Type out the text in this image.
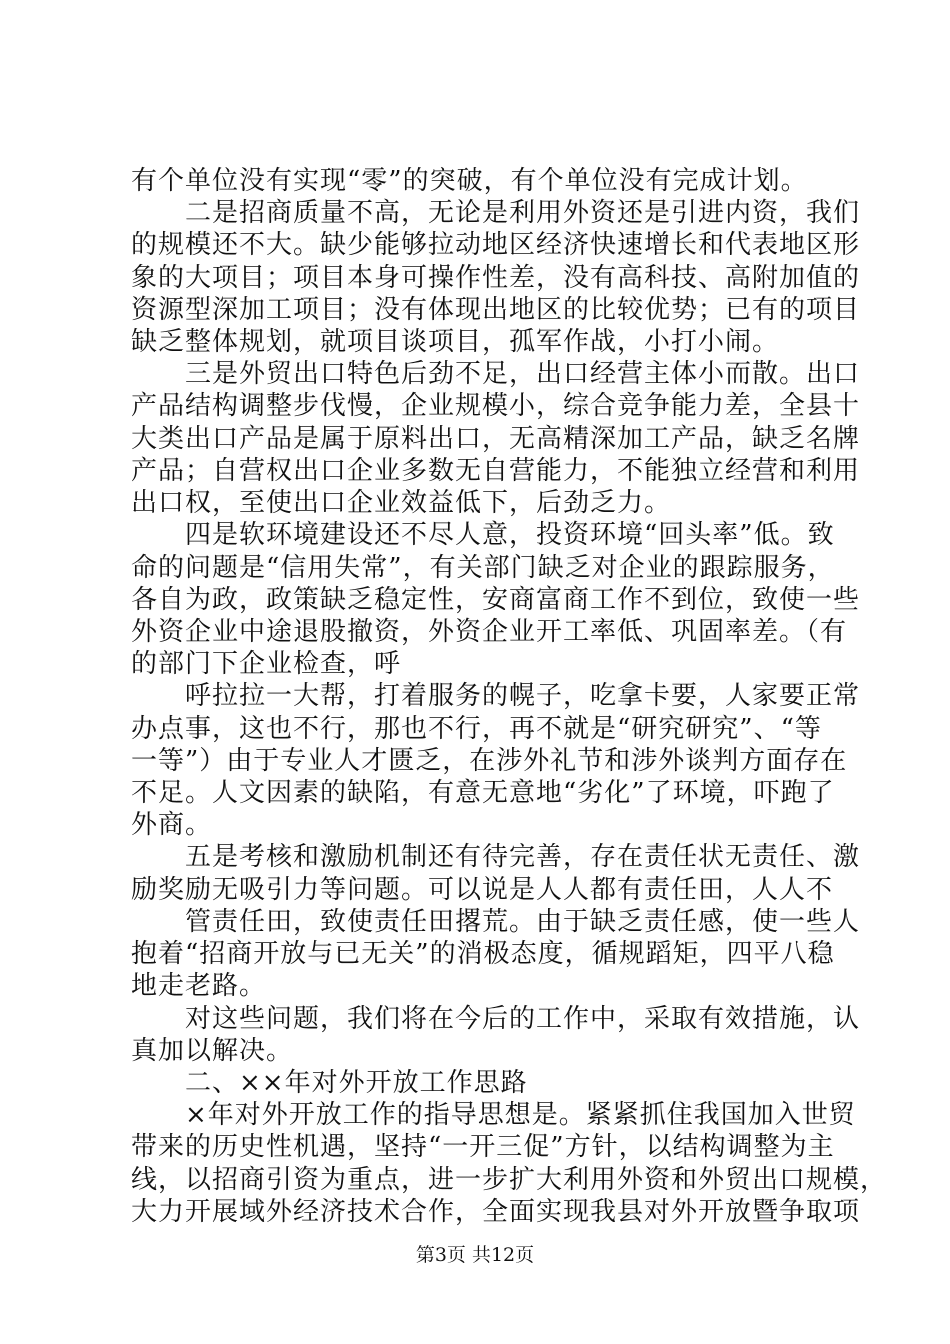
有个单位没有实现“零”的突破，有个单位没有完成计划。
二是招商质量不高，无论是利用外资还是引进内资，我们
的规模还不大。缺少能够拉动地区经济快速增长和代表地区形
象的大项目；项目本身可操作性差，没有高科技、高附加值的
资源型深加工项目；没有体现出地区的比较优势；已有的项目
缺乏整体规划，就项目谈项目，孤军作战，小打小闹。
三是外贸出口特色后劲不足，出口经营主体小而散。出口
产品结构调整步伐慢，企业规模小，综合竞争能力差，全县十
大类出口产品是属于原料出口，无高精深加工产品，缺乏名牌
产品；自营权出口企业多数无自营能力，不能独立经营和利用
出口权，至使出口企业效益低下，后劲乏力。
四是软环境建设还不尽人意，投资环境“回头率”低。致
命的问题是“信用失常”，有关部门缺乏对企业的跟踪服务，
各自为政，政策缺乏稳定性，安商富商工作不到位，致使一些
外资企业中途退股撤资，外资企业开工率低、巩固率差。（有
的部门下企业检查，呼
呼拉拉一大帮，打着服务的幌子，吃拿卡要，人家要正常
办点事，这也不行，那也不行，再不就是“研究研究”、“等
一等”）由于专业人才匮乏，在涉外礼节和涉外谈判方面存在
不足。人文因素的缺陷，有意无意地“劣化”了环境，吓跑了
外商。
五是考核和激励机制还有待完善，存在责任状无责任、激
励奖励无吸引力等问题。可以说是人人都有责任田，人人不
管责任田，致使责任田撂荒。由于缺乏责任感，使一些人
抱着“招商开放与已无关”的消极态度，循规蹈矩，四平八稳
地走老路。
对这些问题，我们将在今后的工作中，采取有效措施，认
真加以解决。
二、××年对外开放工作思路
×年对外开放工作的指导思想是。紧紧抓住我国加入世贸
带来的历史性机遇，坚持“一开三促”方针，以结构调整为主
线，以招商引资为重点，进一步扩大利用外资和外贸出口规模，
大力开展域外经济技术合作，全面实现我县对外开放暨争取项
第3页 共12页
